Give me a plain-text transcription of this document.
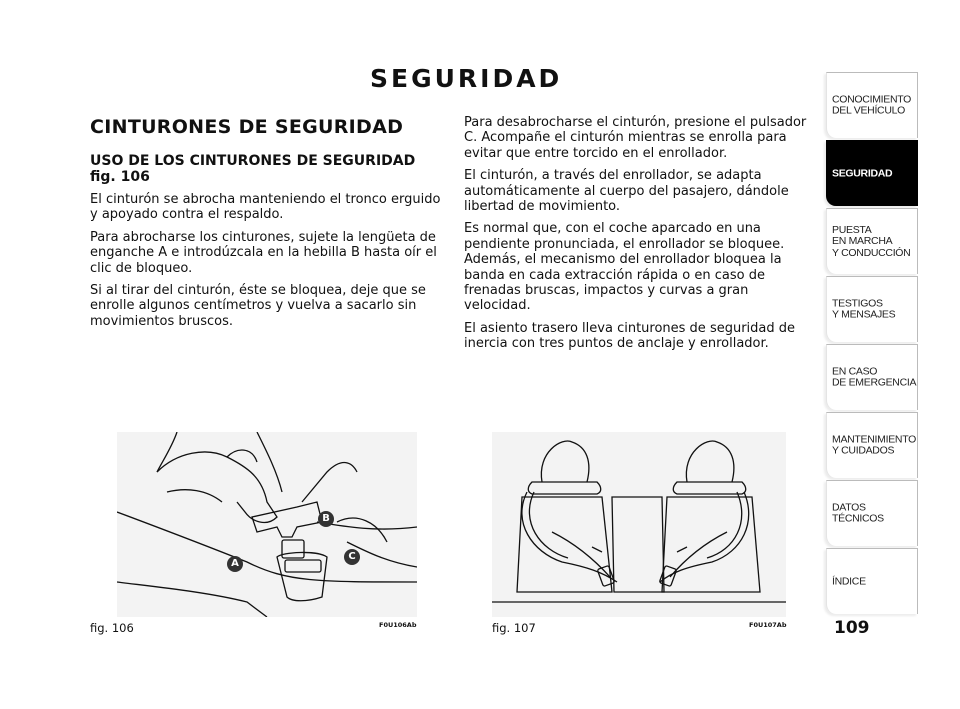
SEGURIDAD
CINTURONES DE SEGURIDAD

USO DE LOS CINTURONES DE SEGURIDAD fig. 106

El cinturón se abrocha manteniendo el tronco erguido y apoyado contra el respaldo.

Para abrocharse los cinturones, sujete la lengüeta de enganche A e introdúzcala en la hebilla B hasta oír el clic de bloqueo.

Si al tirar del cinturón, éste se bloquea, deje que se enrolle algunos centímetros y vuelva a sacarlo sin movimientos bruscos.

Para desabrocharse el cinturón, presione el pulsador C. Acompañe el cinturón mientras se enrolla para evitar que entre torcido en el enrollador.

El cinturón, a través del enrollador, se adapta automáticamente al cuerpo del pasajero, dándole libertad de movimiento.

Es normal que, con el coche aparcado en una pendiente pronunciada, el enrollador se bloquee. Además, el mecanismo del enrollador bloquea la banda en cada extracción rápida o en caso de frenadas bruscas, impactos y curvas a gran velocidad.

El asiento trasero lleva cinturones de seguridad de inercia con tres puntos de anclaje y enrollador.

A
B
C
fig. 106	F0U106Ab	fig. 107	F0U107Ab
CONOCIMIENTO
DEL VEHÍCULO
SEGURIDAD
PUESTA
EN MARCHA
Y CONDUCCIÓN
TESTIGOS
Y MENSAJES
EN CASO
DE EMERGENCIA
MANTENIMIENTO
Y CUIDADOS
DATOS TÉCNICOS
ÍNDICE
109
